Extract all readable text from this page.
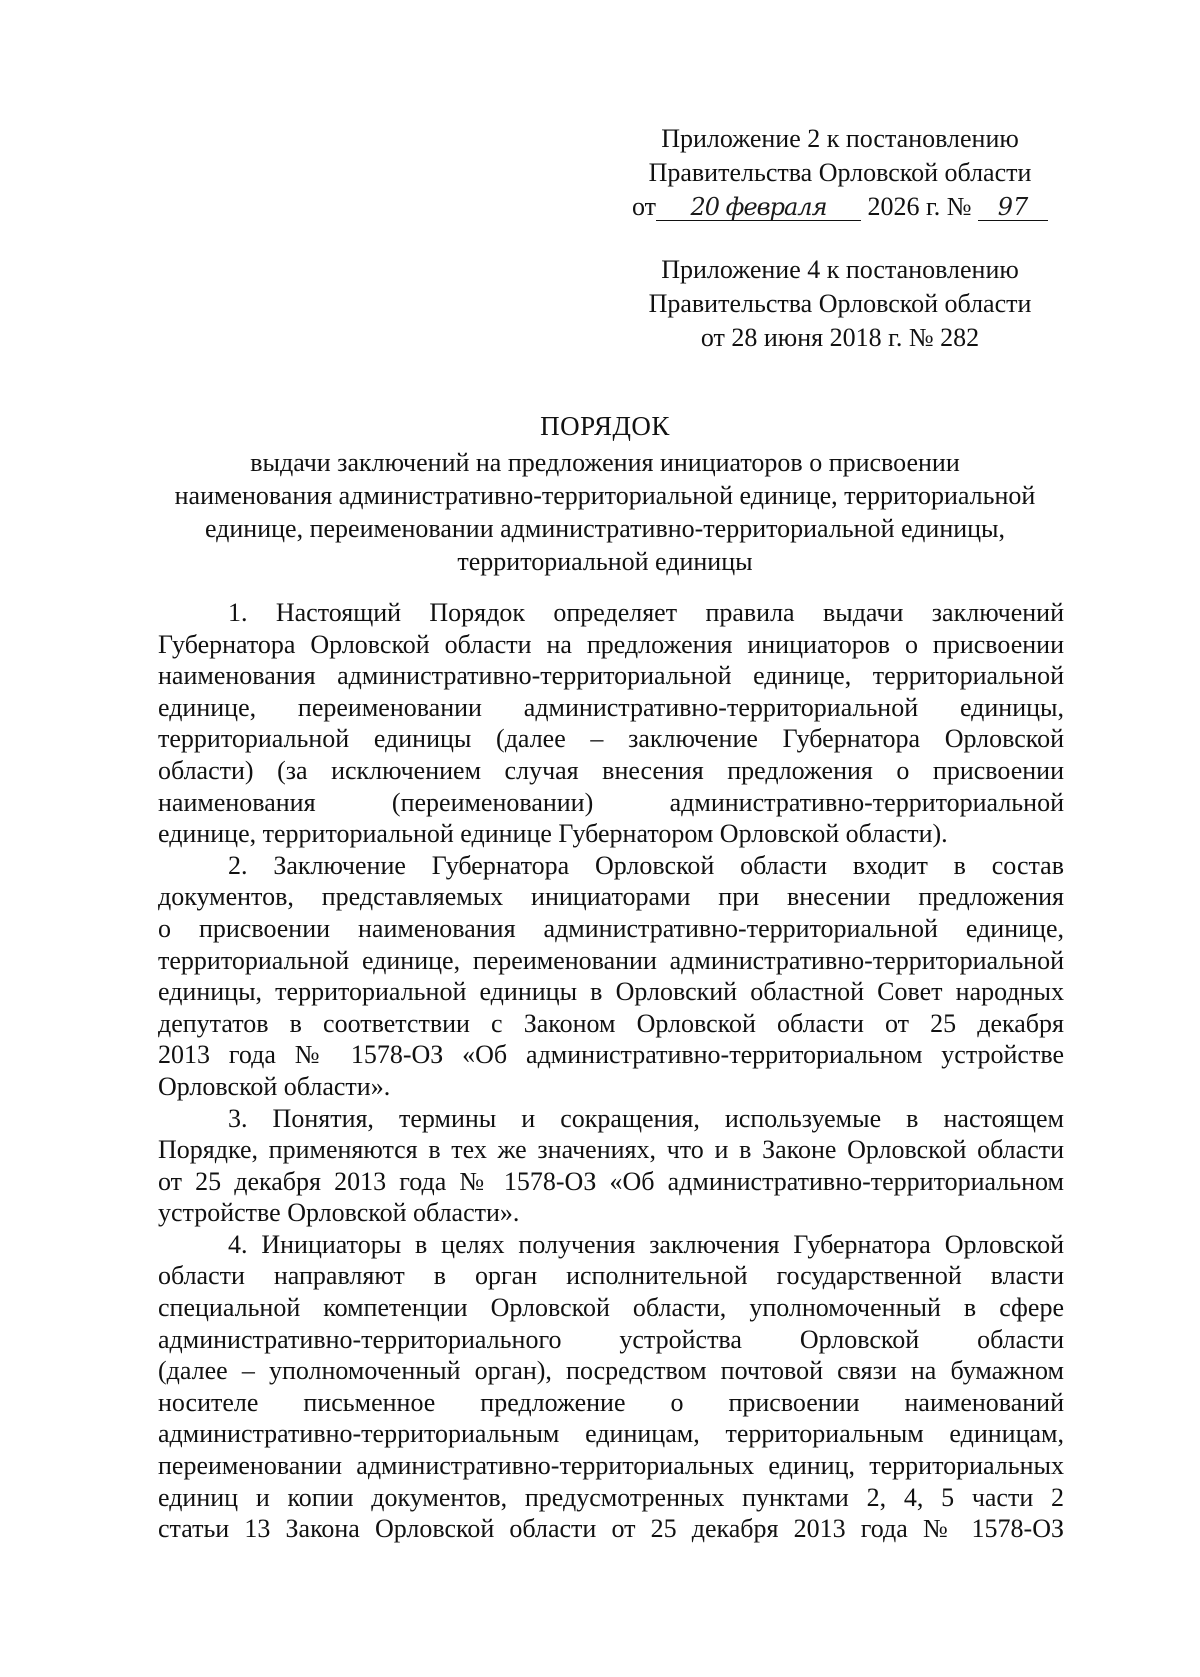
Приложение 2 к постановлению
Правительства Орловской области
от 20 февраля 2026 г. № 97
Приложение 4 к постановлению
Правительства Орловской области
от 28 июня 2018 г. № 282
ПОРЯДОК
выдачи заключений на предложения инициаторов о присвоении
наименования административно-территориальной единице, территориальной
единице, переименовании административно-территориальной единицы,
территориальной единицы
1. Настоящий Порядок определяет правила выдачи заключений
Губернатора Орловской области на предложения инициаторов о присвоении
наименования административно-территориальной единице, территориальной
единице, переименовании административно-территориальной единицы,
территориальной единицы (далее – заключение Губернатора Орловской
области) (за исключением случая внесения предложения о присвоении
наименования (переименовании) административно-территориальной
единице, территориальной единице Губернатором Орловской области).
2. Заключение Губернатора Орловской области входит в состав
документов, представляемых инициаторами при внесении предложения
о присвоении наименования административно-территориальной единице,
территориальной единице, переименовании административно-территориальной
единицы, территориальной единицы в Орловский областной Совет народных
депутатов в соответствии с Законом Орловской области от 25 декабря
2013 года № 1578-ОЗ «Об административно-территориальном устройстве
Орловской области».
3. Понятия, термины и сокращения, используемые в настоящем
Порядке, применяются в тех же значениях, что и в Законе Орловской области
от 25 декабря 2013 года № 1578-ОЗ «Об административно-территориальном
устройстве Орловской области».
4. Инициаторы в целях получения заключения Губернатора Орловской
области направляют в орган исполнительной государственной власти
специальной компетенции Орловской области, уполномоченный в сфере
административно-территориального устройства Орловской области
(далее – уполномоченный орган), посредством почтовой связи на бумажном
носителе письменное предложение о присвоении наименований
административно-территориальным единицам, территориальным единицам,
переименовании административно-территориальных единиц, территориальных
единиц и копии документов, предусмотренных пунктами 2, 4, 5 части 2
статьи 13 Закона Орловской области от 25 декабря 2013 года № 1578-ОЗ
